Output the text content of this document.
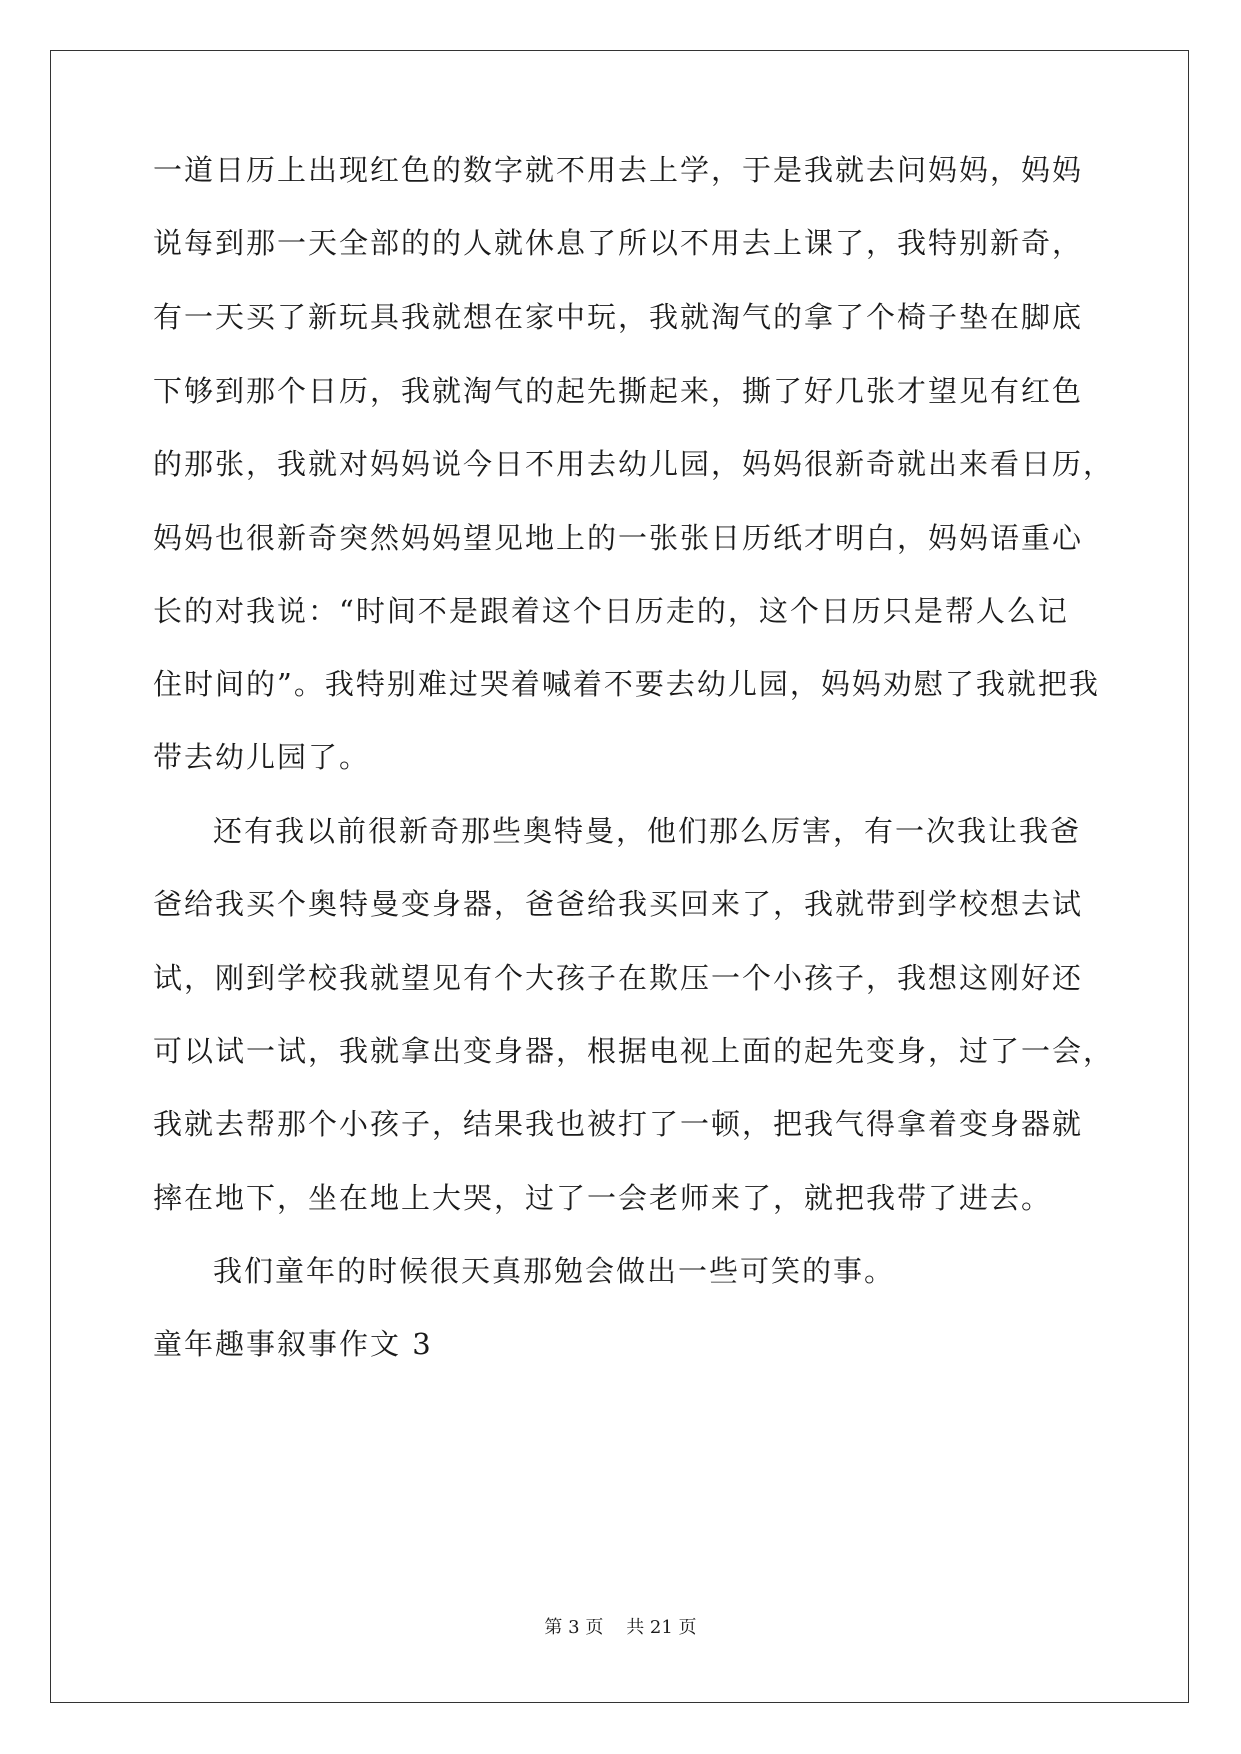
一道日历上出现红色的数字就不用去上学，于是我就去问妈妈，妈妈
说每到那一天全部的的人就休息了所以不用去上课了，我特别新奇，
有一天买了新玩具我就想在家中玩，我就淘气的拿了个椅子垫在脚底
下够到那个日历，我就淘气的起先撕起来，撕了好几张才望见有红色
的那张，我就对妈妈说今日不用去幼儿园，妈妈很新奇就出来看日历，
妈妈也很新奇突然妈妈望见地上的一张张日历纸才明白，妈妈语重心
长的对我说：“时间不是跟着这个日历走的，这个日历只是帮人么记
住时间的”。我特别难过哭着喊着不要去幼儿园，妈妈劝慰了我就把我
带去幼儿园了。
还有我以前很新奇那些奥特曼，他们那么厉害，有一次我让我爸
爸给我买个奥特曼变身器，爸爸给我买回来了，我就带到学校想去试
试，刚到学校我就望见有个大孩子在欺压一个小孩子，我想这刚好还
可以试一试，我就拿出变身器，根据电视上面的起先变身，过了一会，
我就去帮那个小孩子，结果我也被打了一顿，把我气得拿着变身器就
摔在地下，坐在地上大哭，过了一会老师来了，就把我带了进去。
我们童年的时候很天真那勉会做出一些可笑的事。
童年趣事叙事作文 3
第 3 页    共 21 页
